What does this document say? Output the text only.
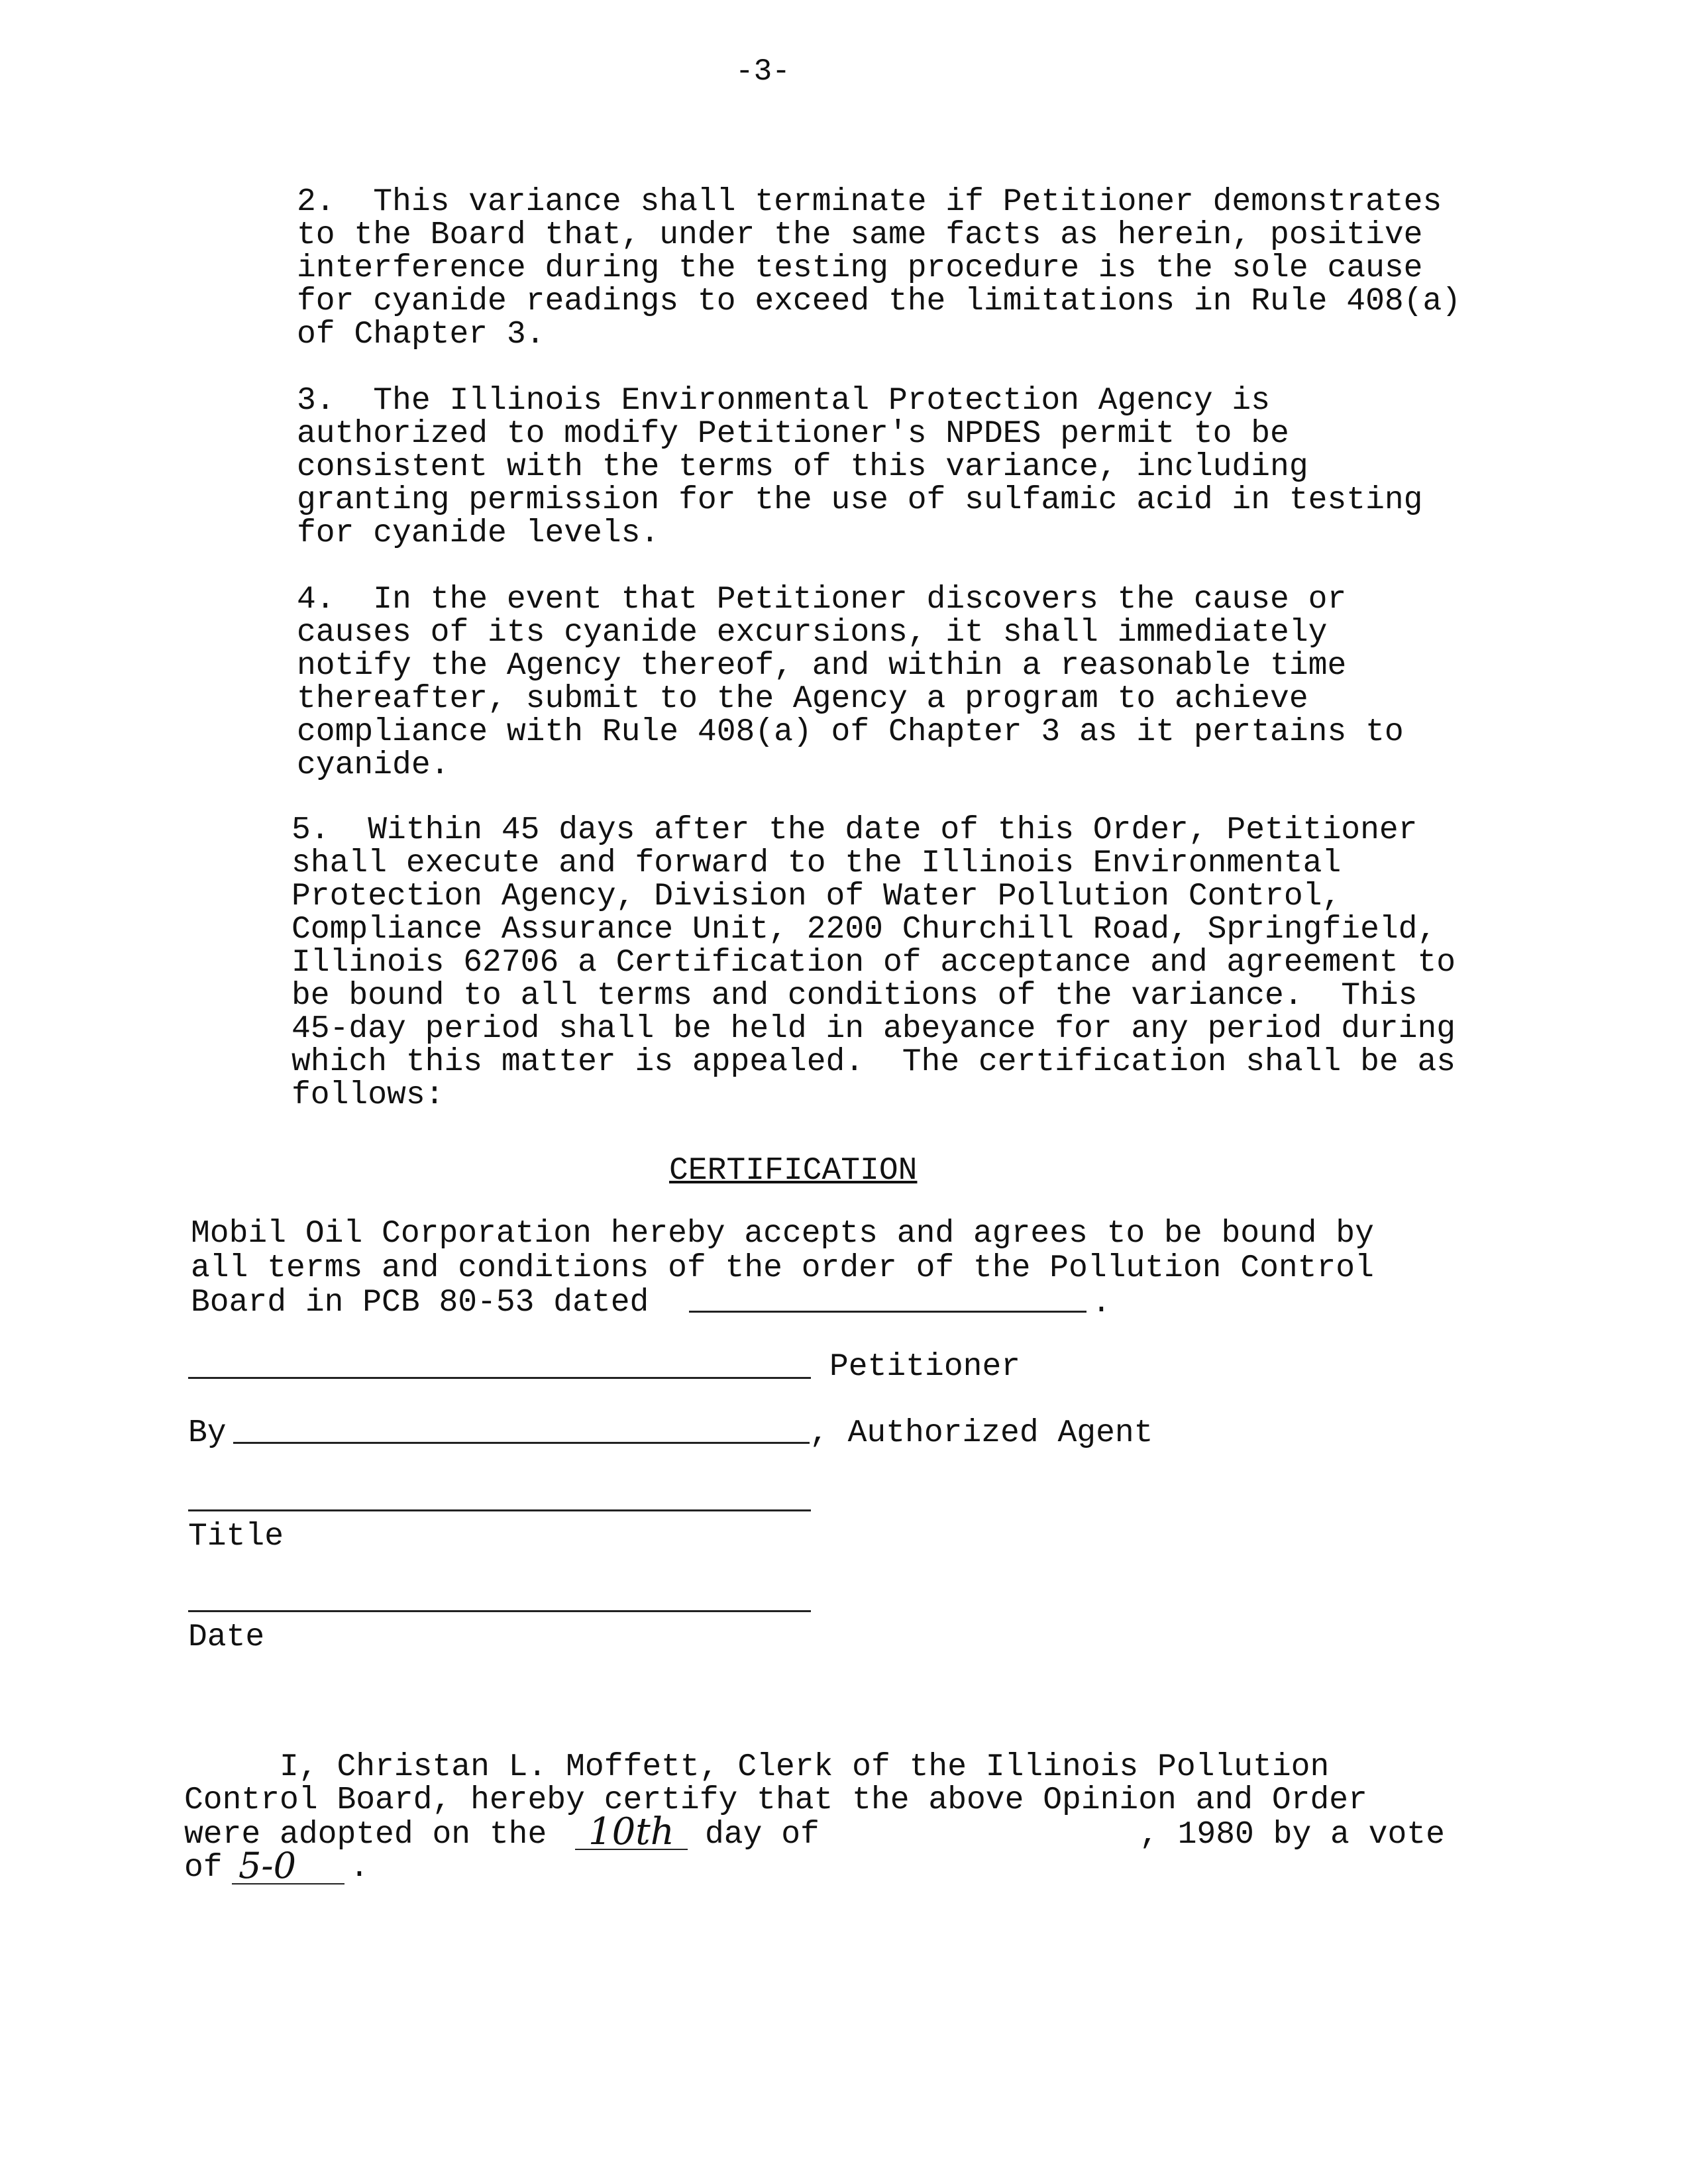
-3-
2.  This variance shall terminate if Petitioner demonstrates
to the Board that, under the same facts as herein, positive
interference during the testing procedure is the sole cause
for cyanide readings to exceed the limitations in Rule 408(a)
of Chapter 3.
3.  The Illinois Environmental Protection Agency is
authorized to modify Petitioner's NPDES permit to be
consistent with the terms of this variance, including
granting permission for the use of sulfamic acid in testing
for cyanide levels.
4.  In the event that Petitioner discovers the cause or
causes of its cyanide excursions, it shall immediately
notify the Agency thereof, and within a reasonable time
thereafter, submit to the Agency a program to achieve
compliance with Rule 408(a) of Chapter 3 as it pertains to
cyanide.
5.  Within 45 days after the date of this Order, Petitioner
shall execute and forward to the Illinois Environmental
Protection Agency, Division of Water Pollution Control,
Compliance Assurance Unit, 2200 Churchill Road, Springfield,
Illinois 62706 a Certification of acceptance and agreement to
be bound to all terms and conditions of the variance.  This
45-day period shall be held in abeyance for any period during
which this matter is appealed.  The certification shall be as
follows:
CERTIFICATION
Mobil Oil Corporation hereby accepts and agrees to be bound by
all terms and conditions of the order of the Pollution Control
Board in PCB 80-53 dated	.
Petitioner
By	, Authorized Agent
Title
Date
I, Christan L. Moffett, Clerk of the Illinois Pollution
Control Board, hereby certify that the above Opinion and Order
were adopted on the 10th day of	, 1980 by a vote
of 5-0 .
